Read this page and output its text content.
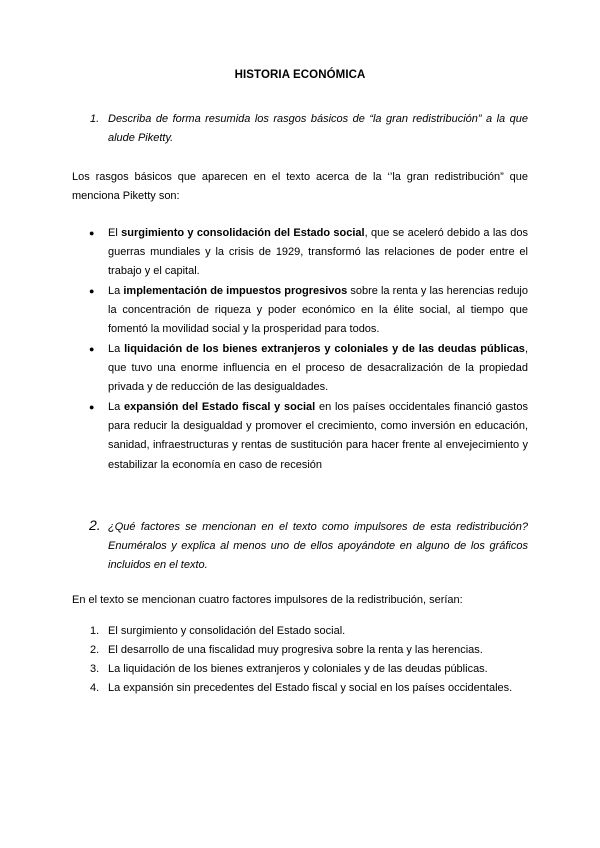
HISTORIA ECONÓMICA
1. Describa de forma resumida los rasgos básicos de “la gran redistribución” a la que alude Piketty.
Los rasgos básicos que aparecen en el texto acerca de la ‘’la gran redistribución” que menciona Piketty son:
● El surgimiento y consolidación del Estado social, que se aceleró debido a las dos guerras mundiales y la crisis de 1929, transformó las relaciones de poder entre el trabajo y el capital.
● La implementación de impuestos progresivos sobre la renta y las herencias redujo la concentración de riqueza y poder económico en la élite social, al tiempo que fomentó la movilidad social y la prosperidad para todos.
● La liquidación de los bienes extranjeros y coloniales y de las deudas públicas, que tuvo una enorme influencia en el proceso de desacralización de la propiedad privada y de reducción de las desigualdades.
● La expansión del Estado fiscal y social en los países occidentales financió gastos para reducir la desigualdad y promover el crecimiento, como inversión en educación, sanidad, infraestructuras y rentas de sustitución para hacer frente al envejecimiento y estabilizar la economía en caso de recesión
2. ¿Qué factores se mencionan en el texto como impulsores de esta redistribución? Enuméralos y explica al menos uno de ellos apoyándote en alguno de los gráficos incluidos en el texto.
En el texto se mencionan cuatro factores impulsores de la redistribución, serían:
1. El surgimiento y consolidación del Estado social.
2. El desarrollo de una fiscalidad muy progresiva sobre la renta y las herencias.
3. La liquidación de los bienes extranjeros y coloniales y de las deudas públicas.
4. La expansión sin precedentes del Estado fiscal y social en los países occidentales.
